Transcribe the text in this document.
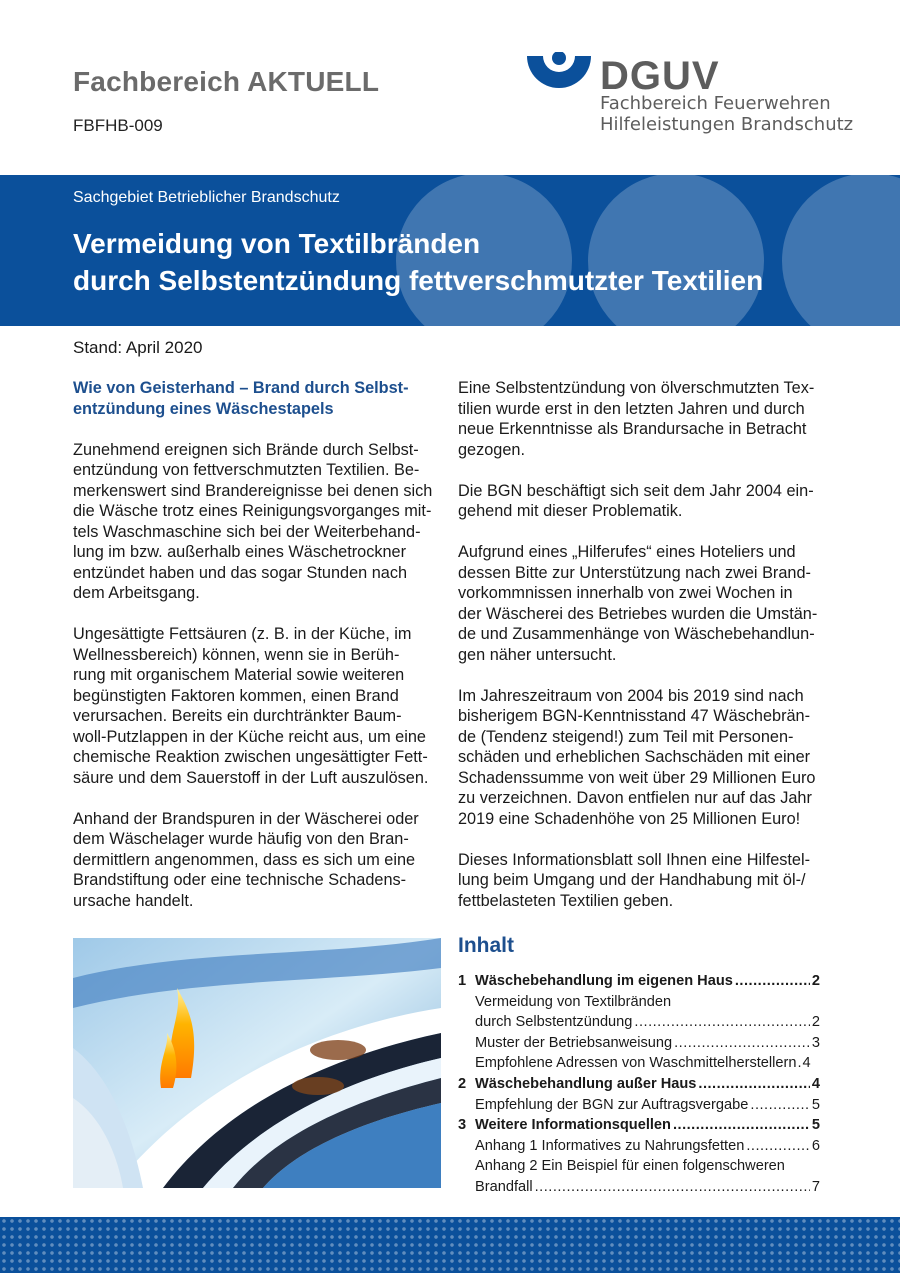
Fachbereich AKTUELL
FBFHB-009
DGUV
Fachbereich Feuerwehren
Hilfeleistungen Brandschutz
Sachgebiet Betrieblicher Brandschutz
Vermeidung von Textilbränden
durch Selbstentzündung fettverschmutzter Textilien
Stand: April 2020
Wie von Geisterhand – Brand durch Selbst-
entzündung eines Wäschestapels

Zunehmend ereignen sich Brände durch Selbst-
entzündung von fettverschmutzten Textilien. Be-
merkenswert sind Brandereignisse bei denen sich
die Wäsche trotz eines Reinigungsvorganges mit-
tels Waschmaschine sich bei der Weiterbehand-
lung im bzw. außerhalb eines Wäschetrockner
entzündet haben und das sogar Stunden nach
dem Arbeitsgang.

Ungesättigte Fettsäuren (z. B. in der Küche, im
Wellnessbereich) können, wenn sie in Berüh-
rung mit organischem Material sowie weiteren
begünstigten Faktoren kommen, einen Brand
verursachen. Bereits ein durchtränkter Baum-
woll-Putzlappen in der Küche reicht aus, um eine
chemische Reaktion zwischen ungesättigter Fett-
säure und dem Sauerstoff in der Luft auszulösen.

Anhand der Brandspuren in der Wäscherei oder
dem Wäschelager wurde häufig von den Bran-
dermittlern angenommen, dass es sich um eine
Brandstiftung oder eine technische Schadens-
ursache handelt.

Eine Selbstentzündung von ölverschmutzten Tex-
tilien wurde erst in den letzten Jahren und durch
neue Erkenntnisse als Brandursache in Betracht
gezogen.

Die BGN beschäftigt sich seit dem Jahr 2004 ein-
gehend mit dieser Problematik.

Aufgrund eines „Hilferufes“ eines Hoteliers und
dessen Bitte zur Unterstützung nach zwei Brand-
vorkommnissen innerhalb von zwei Wochen in
der Wäscherei des Betriebes wurden die Umstän-
de und Zusammenhänge von Wäschebehandlun-
gen näher untersucht.

Im Jahreszeitraum von 2004 bis 2019 sind nach
bisherigem BGN-Kenntnisstand 47 Wäschebrän-
de (Tendenz steigend!) zum Teil mit Personen-
schäden und erheblichen Sachschäden mit einer
Schadenssumme von weit über 29 Millionen Euro
zu verzeichnen. Davon entfielen nur auf das Jahr
2019 eine Schadenhöhe von 25 Millionen Euro!

Dieses Informationsblatt soll Ihnen eine Hilfestel-
lung beim Umgang und der Handhabung mit öl-/
fettbelasteten Textilien geben.

Inhalt
1 Wäschebehandlung im eigenen Haus .....	2
Vermeidung von Textilbränden
durch Selbstentzündung .....	2
Muster der Betriebsanweisung .....	3
Empfohlene Adressen von Waschmittelherstellern ..... 4
2 Wäschebehandlung außer Haus .....	4
Empfehlung der BGN zur Auftragsvergabe .....	5
3 Weitere Informationsquellen .....	5
Anhang 1 Informatives zu Nahrungsfetten .....	6
Anhang 2 Ein Beispiel für einen folgenschweren
Brandfall .....	7
